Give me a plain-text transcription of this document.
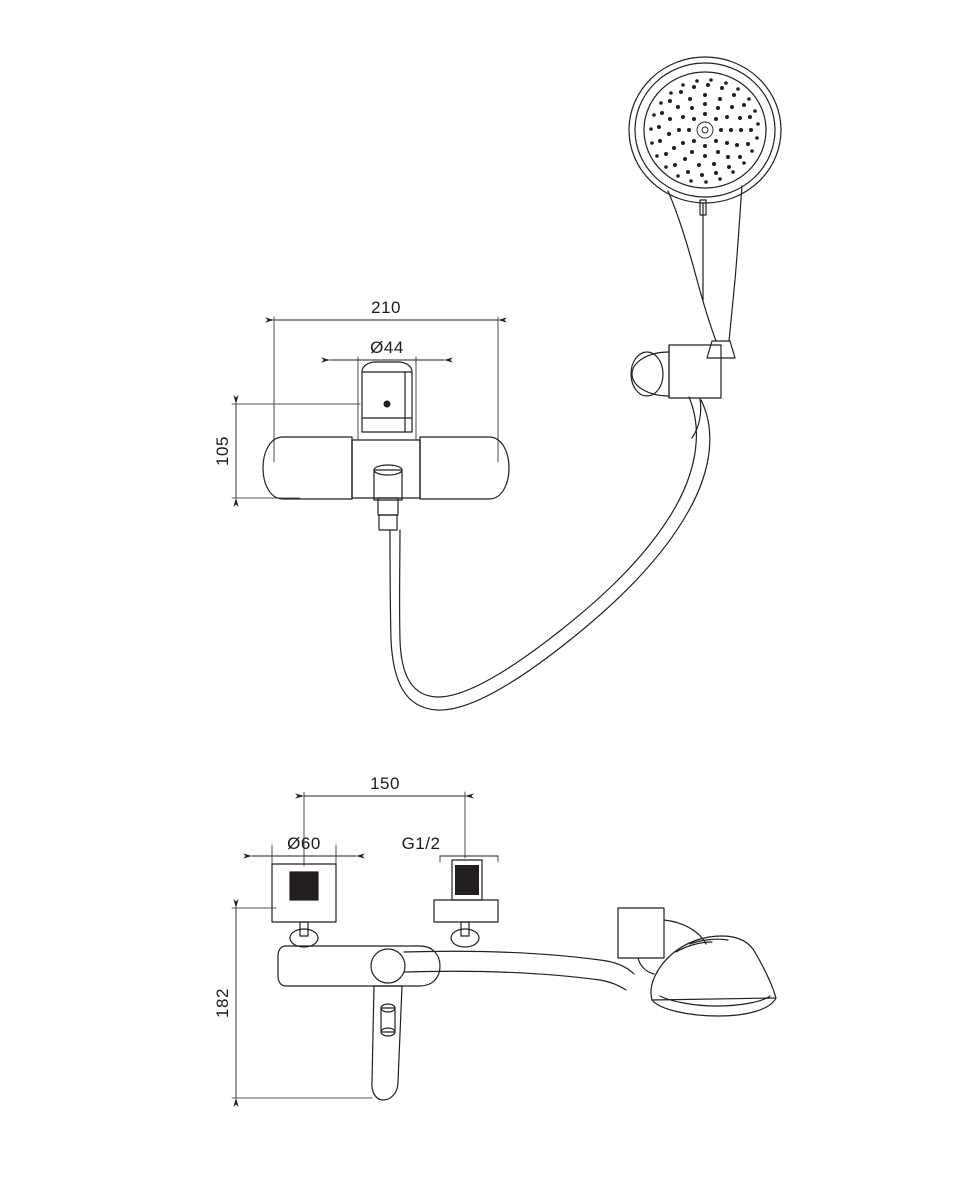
210
Ø44
105
150
Ø60	G1/2
182
